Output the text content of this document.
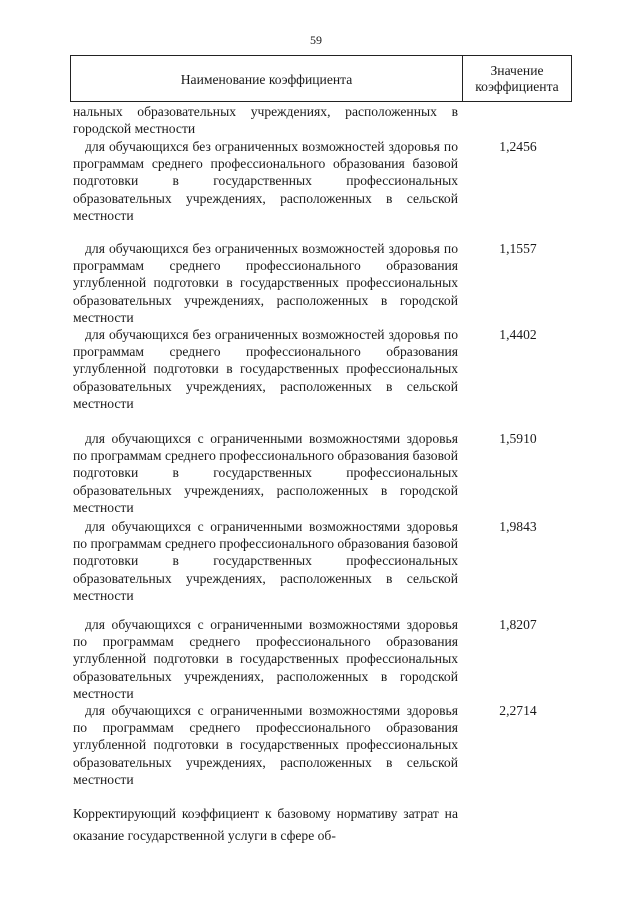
59
Наименование коэффициента
Значение
коэффициента
нальных образовательных учреждениях, расположенных в городской местности
для обучающихся без ограниченных возможностей здоровья по программам среднего профессионального образования базовой подготовки в государственных профессиональных образовательных учреждениях, расположенных в сельской местности
1,2456
для обучающихся без ограниченных возможностей здоровья по программам среднего профессионального образования углубленной подготовки в государственных профессиональных образовательных учреждениях, расположенных в городской местности
1,1557
для обучающихся без ограниченных возможностей здоровья по программам среднего профессионального образования углубленной подготовки в государственных профессиональных образовательных учреждениях, расположенных в сельской местности
1,4402
для обучающихся с ограниченными возможностями здоровья по программам среднего профессионального образования базовой подготовки в государственных профессиональных образовательных учреждениях, расположенных в городской местности
1,5910
для обучающихся с ограниченными возможностями здоровья по программам среднего профессионального образования базовой подготовки в государственных профессиональных образовательных учреждениях, расположенных в сельской местности
1,9843
для обучающихся с ограниченными возможностями здоровья по программам среднего профессионального образования углубленной подготовки в государственных профессиональных образовательных учреждениях, расположенных в городской местности
1,8207
для обучающихся с ограниченными возможностями здоровья по программам среднего профессионального образования углубленной подготовки в государственных профессиональных образовательных учреждениях, расположенных в сельской местности
2,2714
Корректирующий коэффициент к базовому нормативу затрат на оказание государственной услуги в сфере об-
